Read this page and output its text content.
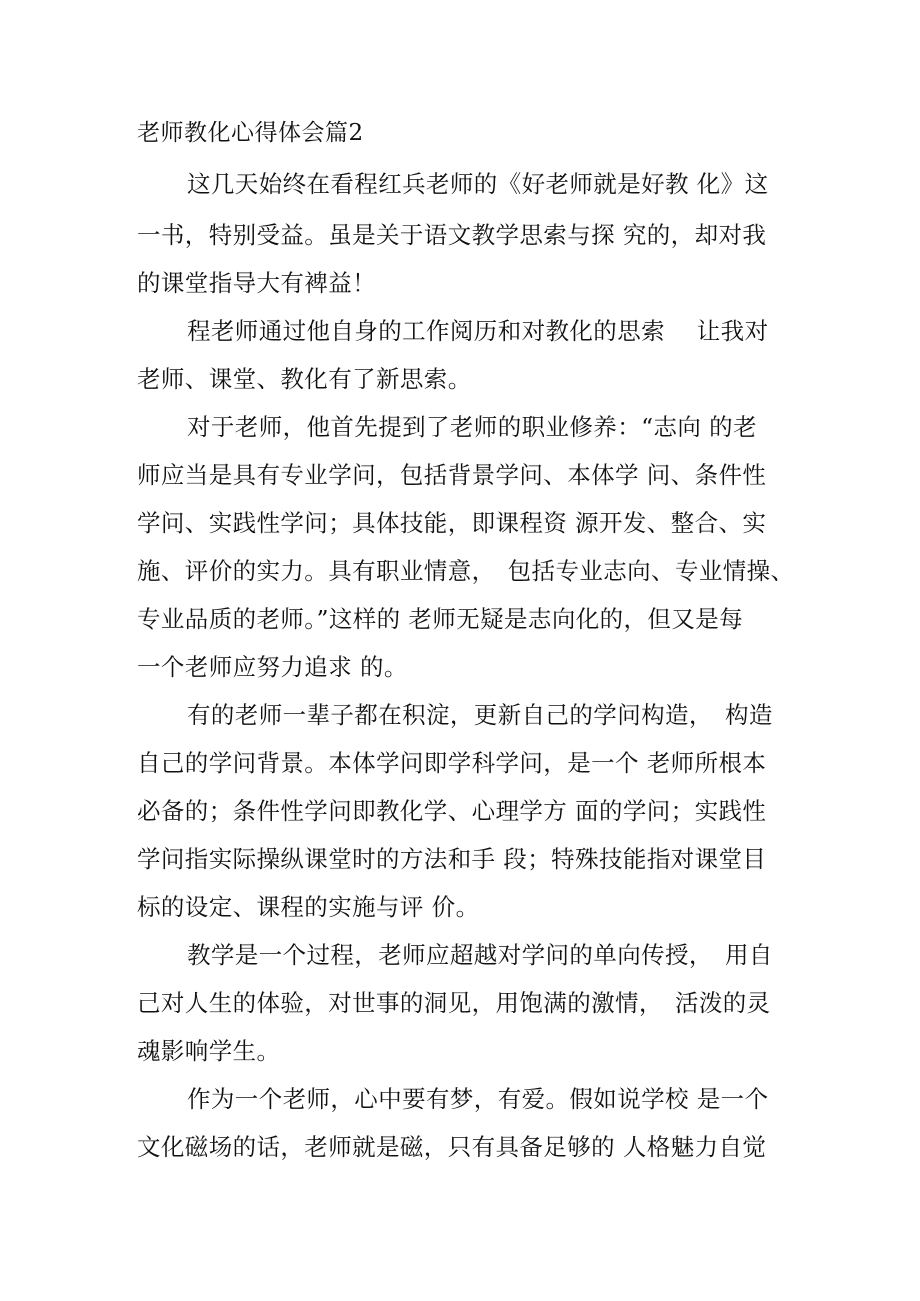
老师教化心得体会篇2
这几天始终在看程红兵老师的《好老师就是好教 化》这
一书，特别受益。虽是关于语文教学思索与探 究的，却对我
的课堂指导大有裨益！
程老师通过他自身的工作阅历和对教化的思索　 让我对
老师、课堂、教化有了新思索。
对于老师，他首先提到了老师的职业修养：“志向 的老
师应当是具有专业学问，包括背景学问、本体学 问、条件性
学问、实践性学问；具体技能，即课程资 源开发、整合、实
施、评价的实力。具有职业情意，　包括专业志向、专业情操、
专业品质的老师。”这样的 老师无疑是志向化的，但又是每
一个老师应努力追求 的。
有的老师一辈子都在积淀，更新自己的学问构造，　构造
自己的学问背景。本体学问即学科学问，是一个 老师所根本
必备的；条件性学问即教化学、心理学方 面的学问；实践性
学问指实际操纵课堂时的方法和手 段；特殊技能指对课堂目
标的设定、课程的实施与评 价。
教学是一个过程，老师应超越对学问的单向传授，　用自
己对人生的体验，对世事的洞见，用饱满的激情，　活泼的灵
魂影响学生。
作为一个老师，心中要有梦，有爱。假如说学校 是一个
文化磁场的话，老师就是磁，只有具备足够的 人格魅力自觉
